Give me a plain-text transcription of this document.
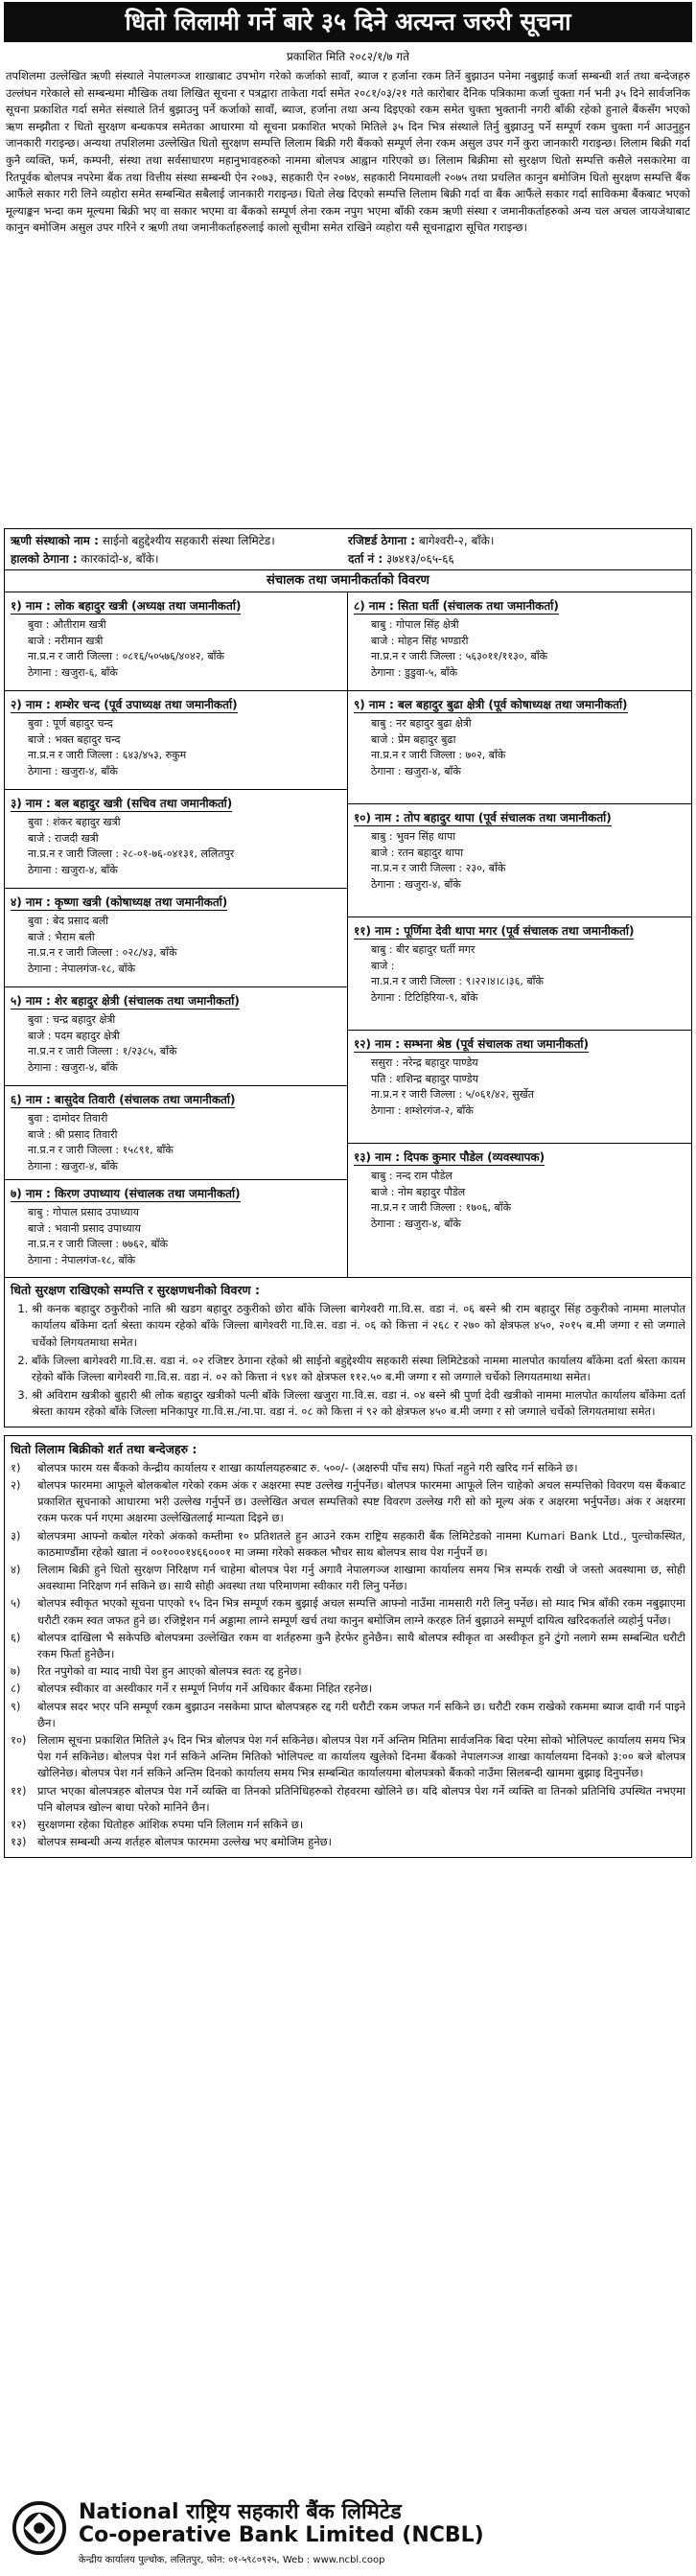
धितो लिलामी गर्ने बारे ३५ दिने अत्यन्त जरुरी सूचना
प्रकाशित मिति २०८२/१/७ गते
तपशिलमा उल्लेखित ऋणी संस्थाले नेपालगञ्ज शाखाबाट उपभोग गरेको कर्जाको सावाँ, ब्याज र हर्जाना रकम तिर्ने बुझाउन पनेमा नबुझाई कर्जा सम्बन्धी शर्त तथा बन्देजहरु उल्लंघन गरेकाले सो सम्बन्धमा मौखिक तथा लिखित सूचना र पत्रद्वारा ताकेता गर्दा समेत २०८१/०३/२१ गते कारोबार दैनिक पत्रिकामा कर्जा चुक्ता गर्न भनी ३५ दिने सार्वजनिक सूचना प्रकाशित गर्दा समेत संस्थाले तिर्न बुझाउनु पर्ने कर्जाको सावाँ, ब्याज, हर्जाना तथा अन्य दिइएको रकम समेत चुक्ता भुक्तानी नगरी बाँकी रहेको हुनाले बैंकसँग भएको ऋण सम्झौता र धितो सुरक्षण बन्धकपत्र समेतका आधारमा यो सूचना प्रकाशित भएको मितिले ३५ दिन भित्र संस्थाले तिर्नु बुझाउनु पर्ने सम्पूर्ण रकम चुक्ता गर्न आउनुहुन जानकारी गराइन्छ। अन्यथा तपशिलमा उल्लेखित धितो सुरक्षण सम्पत्ति लिलाम बिक्री गरी बैंकको सम्पूर्ण लेना रकम असुल उपर गर्ने कुरा जानकारी गराइन्छ। लिलाम बिक्री गर्दा कुनै व्यक्ति, फर्म, कम्पनी, संस्था तथा सर्वसाधारण महानुभावहरुको नाममा बोलपत्र आह्वान गरिएको छ। लिलाम बिक्रीमा सो सुरक्षण धितो सम्पत्ति कसैले नसकारेमा वा रितपूर्वक बोलपत्र नपरेमा बैंक तथा वित्तीय संस्था सम्बन्धी ऐन २०७३, सहकारी ऐन २०७४, सहकारी नियमावली २०७५ तथा प्रचलित कानुन बमोजिम धितो सुरक्षण सम्पत्ति बैंक आफैंले सकार गरी लिने व्यहोरा समेत सम्बन्धित सबैलाई जानकारी गराइन्छ। धितो लेख दिएको सम्पत्ति लिलाम बिक्री गर्दा वा बैंक आफैंले सकार गर्दा साविकमा बैंकबाट भएको मूल्याङ्कन भन्दा कम मूल्यमा बिक्री भए वा सकार भएमा वा बैंकको सम्पूर्ण लेना रकम नपुग भएमा बाँकी रकम ऋणी संस्था र जमानीकर्ताहरुको अन्य चल अचल जायजेथाबाट कानुन बमोजिम असुल उपर गरिने र ऋणी तथा जमानीकर्ताहरुलाई कालो सूचीमा समेत राखिने व्यहोरा यसै सूचनाद्वारा सूचित गराइन्छ।
ऋणी संस्थाको नाम : साईनो बहुद्देश्यीय सहकारी संस्था लिमिटेड।	रजिष्टर्ड ठेगाना : बागेश्वरी-२, बाँके।
हालको ठेगाना : कारकांदो-४, बाँके।	दर्ता नं : ३७४१३/०६५-६६
संचालक तथा जमानीकर्ताको विवरण
१) नाम : लोक बहादुर खत्री (अध्यक्ष तथा जमानीकर्ता)
बुवा : औतीराम खत्री
बाजे : नरीमान खत्री
ना.प्र.न र जारी जिल्ला : ०८१६/५०५७६/४०४२, बाँके
ठेगाना : खजुरा-६, बाँके
२) नाम : शम्शेर चन्द (पूर्व उपाध्यक्ष तथा जमानीकर्ता)
बुवा : पूर्ण बहादुर चन्द
बाजे : भक्त बहादुर चन्द
ना.प्र.न र जारी जिल्ला : ६४३/४५३, रुकुम
ठेगाना : खजुरा-४, बाँके
३) नाम : बल बहादुर खत्री (सचिव तथा जमानीकर्ता)
बुवा : शंकर बहादुर खत्री
बाजे : राजदी खत्री
ना.प्र.न र जारी जिल्ला : २८-०१-७६-०४१३१, ललितपुर
ठेगाना : खजुरा-४, बाँके
४) नाम : कृष्णा खत्री (कोषाध्यक्ष तथा जमानीकर्ता)
बुवा : बेद प्रसाद बली
बाजे : भैराम बली
ना.प्र.न र जारी जिल्ला : ०२८/४३, बाँके
ठेगाना : नेपालगंज-१८, बाँके
५) नाम : शेर बहादुर क्षेत्री (संचालक तथा जमानीकर्ता)
बुवा : चन्द्र बहादुर क्षेत्री
बाजे : पदम बहादुर क्षेत्री
ना.प्र.न र जारी जिल्ला : १/२३८५, बाँके
ठेगाना : खजुरा-४, बाँके
६) नाम : बासुदेव तिवारी (संचालक तथा जमानीकर्ता)
बुवा : दामोदर तिवारी
बाजे : श्री प्रसाद तिवारी
ना.प्र.न र जारी जिल्ला : १५८९१, बाँके
ठेगाना : खजुरा-४, बाँके
७) नाम : किरण उपाध्याय (संचालक तथा जमानीकर्ता)
बाबु : गोपाल प्रसाद उपाध्याय
बाजे : भवानी प्रसाद उपाध्याय
ना.प्र.न र जारी जिल्ला : ७७६२, बाँके
ठेगाना : नेपालगंज-१८, बाँके
८) नाम : सिता घर्ती (संचालक तथा जमानीकर्ता)
बाबु : गोपाल सिंह क्षेत्री
बाजे : मोहन सिंह भण्डारी
ना.प्र.न र जारी जिल्ला : ५६३०११/११३०, बाँके
ठेगाना : डुडुवा-५, बाँके
९) नाम : बल बहादुर बुढा क्षेत्री (पूर्व कोषाध्यक्ष तथा जमानीकर्ता)
बाबु : नर बहादुर बुढा क्षेत्री
बाजे : प्रेम बहादुर बुढा
ना.प्र.न र जारी जिल्ला : ७०२, बाँके
ठेगाना : खजुरा-४, बाँके
१०) नाम : तोप बहादुर थापा (पूर्व संचालक तथा जमानीकर्ता)
बाबु : भुवन सिंह थापा
बाजे : रतन बहादुर थापा
ना.प्र.न र जारी जिल्ला : २३०, बाँके
ठेगाना : खजुरा-४, बाँके
११) नाम : पूर्णिमा देवी थापा मगर (पूर्व संचालक तथा जमानीकर्ता)
बाबु : बीर बहादुर घर्ती मगर
बाजे :
ना.प्र.न र जारी जिल्ला : ९।२२।४।८।३६, बाँके
ठेगाना : टिटिहिरिया-९, बाँके
१२) नाम : सम्भना श्रेष्ठ (पूर्व संचालक तथा जमानीकर्ता)
ससुरा : नरेन्द्र बहादुर पाण्डेय
पति : शशिन्द्र बहादुर पाण्डेय
ना.प्र.न र जारी जिल्ला : ५/०६१/४२, सुर्खेत
ठेगाना : शम्शेरगंज-२, बाँके
१३) नाम : दिपक कुमार पौडेल (व्यवस्थापक)
बाबु : नन्द राम पौडेल
बाजे : नोम बहादुर पौडेल
ना.प्र.न र जारी जिल्ला : १७०६, बाँके
ठेगाना : खजुरा-४, बाँके
धितो सुरक्षण राखिएको सम्पत्ति र सुरक्षणधनीको विवरण :
1. श्री कनक बहादुर ठकुरीको नाति श्री खडग बहादुर ठकुरीको छोरा बाँके जिल्ला बागेश्वरी गा.वि.स. वडा नं. ०६ बस्ने श्री राम बहादुर सिंह ठकुरीको नाममा मालपोत कार्यालय बाँकेमा दर्ता श्रेस्ता कायम रहेको बाँके जिल्ला बागेश्वरी गा.वि.स. वडा नं. ०६ को कित्ता नं २६८ र २७० को क्षेत्रफल ४५०, २०१५ ब.मी जग्गा र सो जग्गाले चर्चेको लिगयतमाथा समेत।
2. बाँके जिल्ला बागेश्वरी गा.वि.स. वडा नं. ०२ रजिष्टर ठेगाना रहेको श्री साईनो बहुद्देश्यीय सहकारी संस्था लिमिटेडको नाममा मालपोत कार्यालय बाँकेमा दर्ता श्रेस्ता कायम रहेको बाँके जिल्ला बागेश्वरी गा.वि.स. वडा नं. ०२ को कित्ता नं ९४१ को क्षेत्रफल ११२.५० ब.मी जग्गा र सो जग्गाले चर्चेको लिगयतमाथा समेत।
3. श्री अविराम खत्रीको बुहारी श्री लोक बहादुर खत्रीको पत्नी बाँके जिल्ला खजुरा गा.वि.स. वडा नं. ०४ बस्ने श्री पुर्णा देवी खत्रीको नाममा मालपोत कार्यालय बाँकेमा दर्ता श्रेस्ता कायम रहेको बाँके जिल्ला मनिकापुर गा.वि.स./ना.पा. वडा नं. ०८ को कित्ता नं ९२ को क्षेत्रफल ४५० ब.मी जग्गा र सो जग्गाले चर्चेको लिगयतमाथा समेत।
धितो लिलाम बिक्रीको शर्त तथा बन्देजहरु :
१)	बोलपत्र फारम यस बैंकको केन्द्रीय कार्यालय र शाखा कार्यालयहरुबाट रु. ५००/- (अक्षरुपी पाँच सय) फिर्ता नहुने गरी खरिद गर्न सकिने छ।
२)	बोलपत्र फारममा आफूले बोलकबोल गरेको रकम अंक र अक्षरमा स्पष्ट उल्लेख गर्नुपर्नेछ। बोलपत्र फारममा आफूले लिन चाहेको अचल सम्पत्तिको विवरण यस बैंकबाट प्रकाशित सूचनाको आधारमा भरी उल्लेख गर्नुपर्ने छ। उल्लेखित अचल सम्पत्तिको स्पष्ट विवरण उल्लेख गरी सो को मूल्य अंक र अक्षरमा भर्नुपर्नेछ। अंक र अक्षरमा रकम फरक पर्न गएमा अक्षरमा उल्लेखितलाई मान्यता दिइने छ।
३)	बोलपत्रमा आफ्नो कबोल गरेको अंकको कम्तीमा १० प्रतिशतले हुन आउने रकम राष्ट्रिय सहकारी बैंक लिमिटेडको नाममा Kumari Bank Ltd., पुल्चोकस्थित, काठमाण्डौंमा रहेको खाता नं ००१०००१४६६०००१ मा जम्मा गरेको सक्कल भौचर साथ बोलपत्र साथ पेश गर्नुपर्ने छ।
४)	लिलाम बिक्री हुने धितो सुरक्षण निरिक्षण गर्न चाहेमा बोलपत्र पेश गर्नु अगावै नेपालगञ्ज शाखामा कार्यालय समय भित्र सम्पर्क राखी जे जस्तो अवस्थामा छ, सोही अवस्थामा निरिक्षण गर्न सकिने छ। साथै सोही अवस्था तथा परिमाणमा स्वीकार गरी लिनु पर्नेछ।
५)	बोलपत्र स्वीकृत भएको सूचना पाएको १५ दिन भित्र सम्पूर्ण रकम बुझाई अचल सम्पत्ति आफ्नो नाउँमा नामसारी गरी लिनु पर्नेछ। सो म्याद भित्र बाँकी रकम नबुझाएमा धरौटी रकम स्वत जफत हुने छ। रजिष्ट्रेशन गर्न अड्डामा लाग्ने सम्पूर्ण खर्च तथा कानुन बमोजिम लाग्ने करहरु तिर्न बुझाउने सम्पूर्ण दायित्व खरिदकर्ताले व्यहोर्नु पर्नेछ।
६)	बोलपत्र दाखिला भै सकेपछि बोलपत्रमा उल्लेखित रकम वा शर्तहरुमा कुनै हेरफेर हुनेछैन। साथै बोलपत्र स्वीकृत वा अस्वीकृत हुने टुंगो नलागे सम्म सम्बन्धित धरौटी रकम फिर्ता हुनेछैन।
७)	रित नपुगेको वा म्याद नाघी पेश हुन आएको बोलपत्र स्वतः रद्द हुनेछ।
८)	बोलपत्र स्वीकार वा अस्वीकार गर्ने र सम्पूर्ण निर्णय गर्ने अधिकार बैंकमा निहित रहनेछ।
९)	बोलपत्र सदर भएर पनि सम्पूर्ण रकम बुझाउन नसकेमा प्राप्त बोलपत्रहरु रद्द गरी धरौटी रकम जफत गर्न सकिने छ। धरौटी रकम राखेको रकममा ब्याज दावी गर्न पाइने छैन।
१०)	लिलाम सूचना प्रकाशित मितिले ३५ दिन भित्र बोलपत्र पेश गर्न सकिनेछ। बोलपत्र पेश गर्ने अन्तिम मितिमा सार्वजनिक बिदा परेमा सोको भोलिपल्ट कार्यालय समय भित्र पेश गर्न सकिनेछ। बोलपत्र पेश गर्न सकिने अन्तिम मितिको भोलिपल्ट वा कार्यालय खुलेको दिनमा बैंकको नेपालगञ्ज शाखा कार्यालयमा दिनको ३:०० बजे बोलपत्र खोलिनेछ। बोलपत्र पेश गर्न सकिने अन्तिम दिनको कार्यालय समय भित्र सम्बन्धित कार्यालयमा बोलपत्रको बैंकको नाउँमा सिलबन्दी खाममा बुझाइ दिनुपर्नेछ।
११)	प्राप्त भएका बोलपत्रहरु बोलपत्र पेश गर्ने व्यक्ति वा तिनको प्रतिनिधिहरुको रोहवरमा खोलिने छ। यदि बोलपत्र पेश गर्ने व्यक्ति वा तिनको प्रतिनिधि उपस्थित नभएमा पनि बोलपत्र खोल्न बाधा परेको मानिने छैन।
१२)	सुरक्षणमा रहेका धितोहरु आंशिक रुपमा पनि लिलाम गर्न सकिने छ।
१३)	बोलपत्र सम्बन्धी अन्य शर्तहरु बोलपत्र फारममा उल्लेख भए बमोजिम हुनेछ।
National राष्ट्रिय सहकारी बैंक लिमिटेड
Co-operative Bank Limited (NCBL)
केन्द्रीय कार्यालय पुल्चोक, ललितपुर, फोन: ०१-५९८०९२५, Web : www.ncbl.coop
